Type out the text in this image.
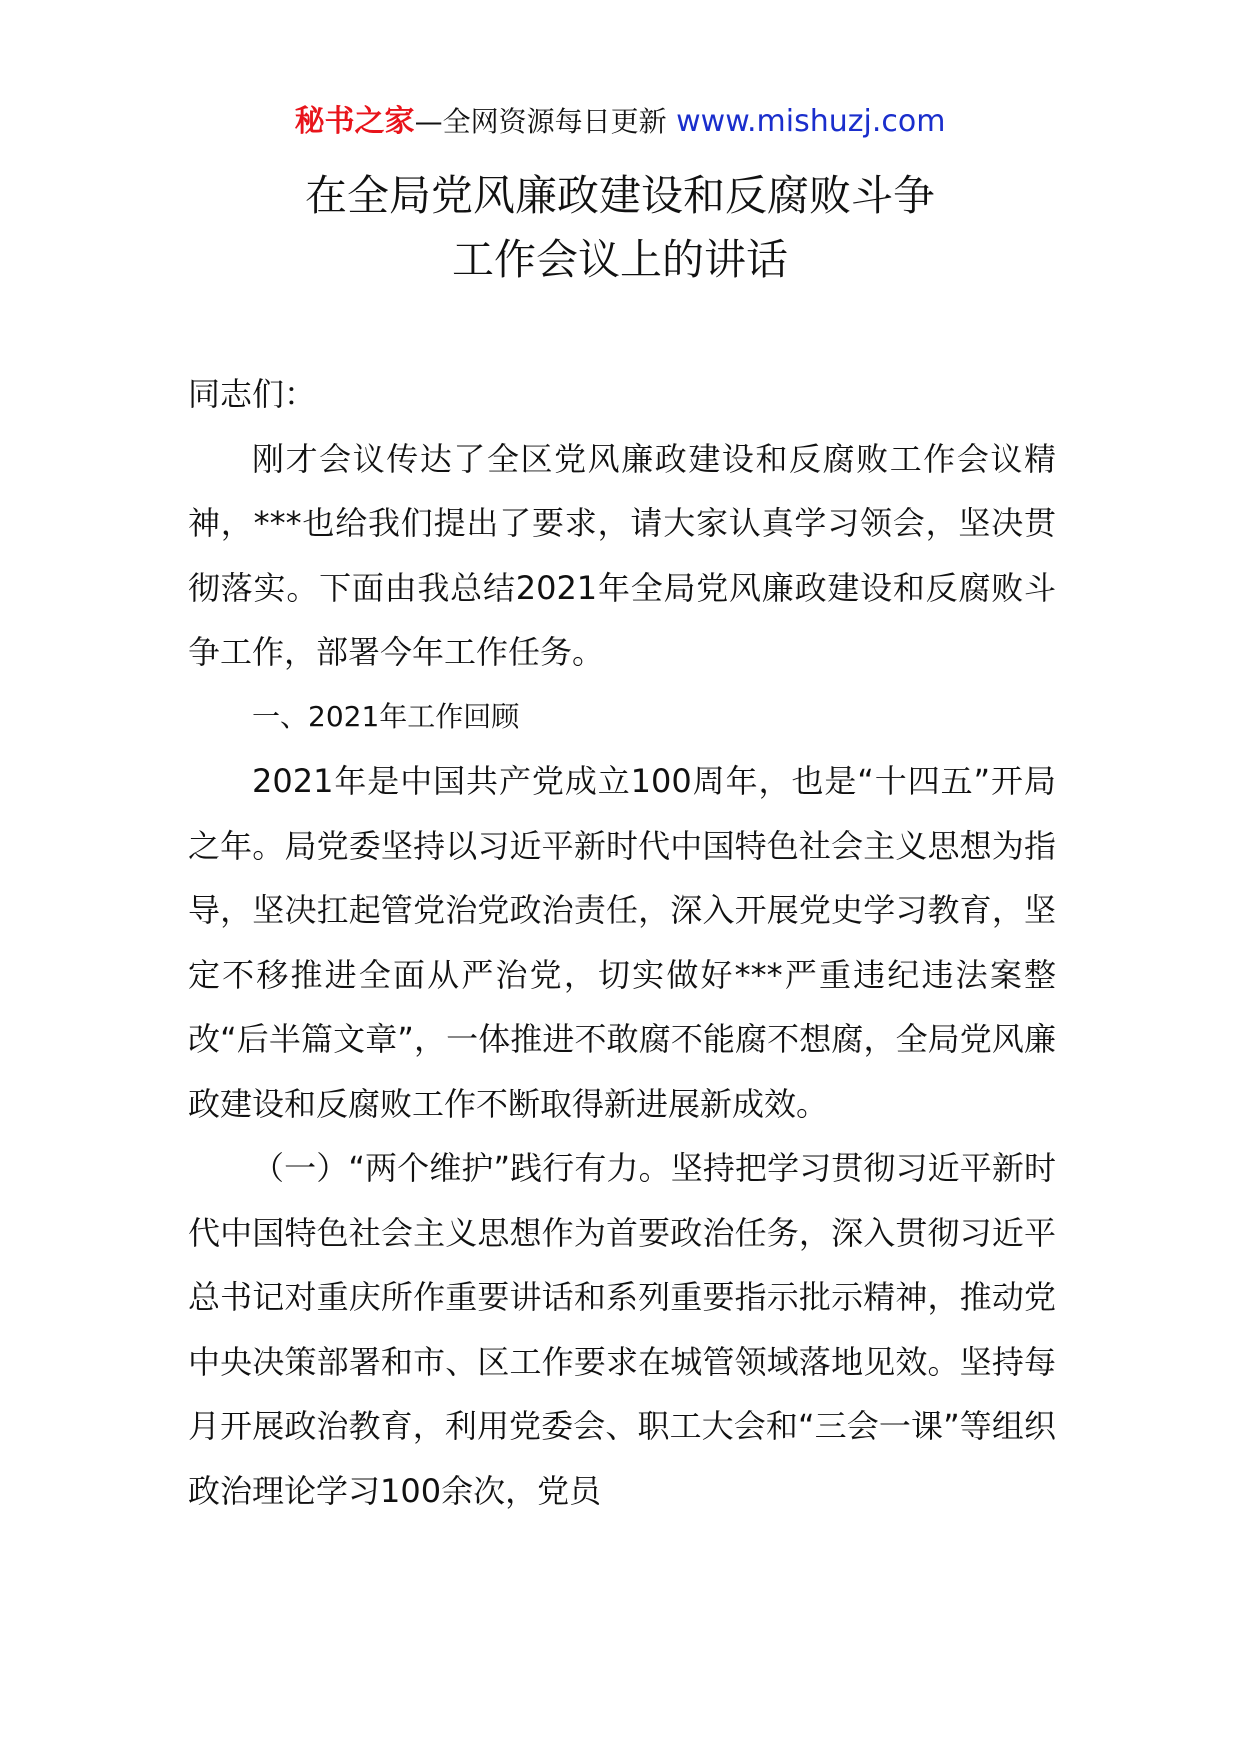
秘书之家—全网资源每日更新 www.mishuzj.com
在全局党风廉政建设和反腐败斗争
工作会议上的讲话

同志们：

刚才会议传达了全区党风廉政建设和反腐败工作会议精神，***也给我们提出了要求，请大家认真学习领会，坚决贯彻落实。下面由我总结2021年全局党风廉政建设和反腐败斗争工作，部署今年工作任务。

一、2021年工作回顾

2021年是中国共产党成立100周年，也是“十四五”开局之年。局党委坚持以习近平新时代中国特色社会主义思想为指导，坚决扛起管党治党政治责任，深入开展党史学习教育，坚定不移推进全面从严治党，切实做好***严重违纪违法案整改“后半篇文章”，一体推进不敢腐不能腐不想腐，全局党风廉政建设和反腐败工作不断取得新进展新成效。

（一）“两个维护”践行有力。坚持把学习贯彻习近平新时代中国特色社会主义思想作为首要政治任务，深入贯彻习近平总书记对重庆所作重要讲话和系列重要指示批示精神，推动党中央决策部署和市、区工作要求在城管领域落地见效。坚持每月开展政治教育，利用党委会、职工大会和“三会一课”等组织政治理论学习100余次，党员
